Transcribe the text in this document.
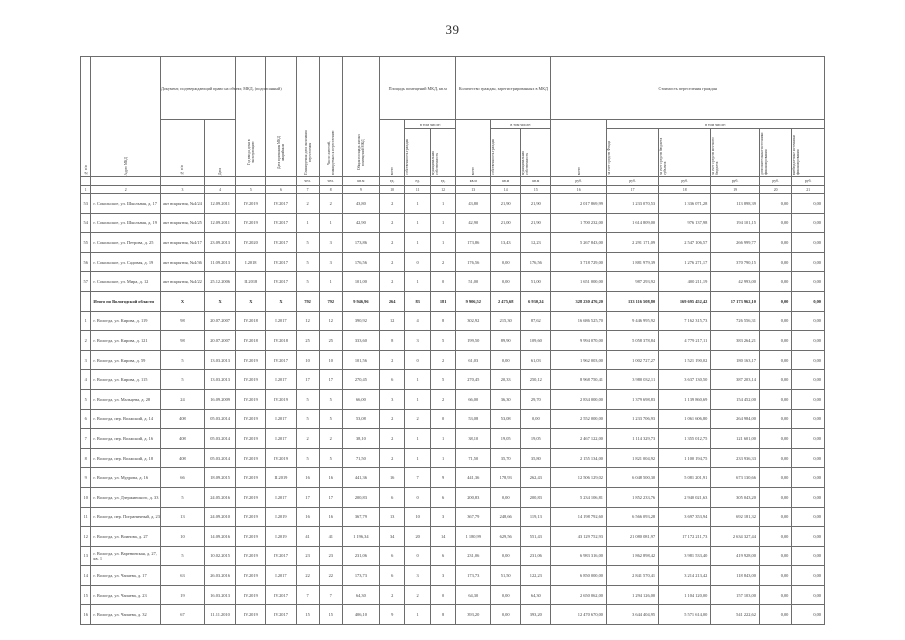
39
№ п/п	Адрес МКД	Документ, подтверждающий право на объект, МКД, (подписанный)		Год ввода дома в эксплуатацию	Дата признания МКД аварийным	Планируемая дата окончания переселения	Число жителей, планируемых к переселению	Общая площадь жилых помещений МКД	Площадь помещений МКД, кв.м			Количество граждан, зарегистрированных в МКД			Стоимость переселения граждан					
		№ п/п	Дата						всего	в том числе:		всего	в том числе:		всего	в том числе:				
										собственность граждан	муниципальная собственность		собственность граждан	муниципальная собственность		за счет средств Фонда	за счет средств бюджета субъекта	за счет средств местного бюджета	дополнительные источники финансирования	внебюджетные источники финансирования
						чел.	чел.	кв.м	ед.	ед.	ед.	кв.м	кв.м	кв.м	руб.	руб.	руб.	руб.	руб.	руб.
1	2	3	4	5	6	7	8	9	10	11	12	13	14	15	16	17	18	19	20	21
53	г. Сокольское, ул. Школьная, д. 17	акт вскрытия, №4/24	12.09.2011	IV.2019	IV.2017	2	2	43,80	2	1	1	43,80	21,90	21,90	2 017 869,99	1 233 070,53	1 336 071,28	113 898,39	0,00	0,00
54	г. Сокольское, ул. Школьная, д. 19	акт вскрытия, №4/25	12.09.2011	IV.2019	IV.2017	1	1	42,90	2	1	1	42,90	21,00	21,90	1 700 232,00	1 614 809,00	976 137,98	194 101,15	0,00	0,00
55	г. Сокольское, ул. Петрова, д. 25	акт вскрытия, №4/17	23.09.2013	IV.2020	IV.2017	5	3	173,86	2	1	1	173,86	13,43	12,23	5 267 843,00	2 291 171,09	2 547 106,57	266 999,77	0,00	0,00
56	г. Сокольское, ул. Садовая, д. 19	акт вскрытия, №4/36	11.09.2013	I.2018	IV.2017	5	3	176,56	2	0	2	176,56	0,00	176,56	3 718 729,00	1 881 979,39	1 276 271,17	370 790,15	0,00	0,00
57	г. Сокольское, ул. Мира, д. 12	акт вскрытия, №4/22	25.12.2006	II.2018	IV.2017	5	1	101,00	2	1	0	51,00	0,00	51,00	1 651 000,00	987 293,92	400 211,19	42 993,00	0,00	0,00
	Итого по Вологодской области	X	X	X	X	792	792	9 946,96	264	83	181	9 906,52	2 475,68	6 930,24	328 230 476,20	133 116 508,80	169 695 452,42	17 173 962,10	0,00	0,00
1	г. Вологда, ул. Кирова, д. 119	98	20.07.2007	IV.2018	I.2017	12	12	390,92	12	4	8	302,92	215,30	87,62	16 686 525,70	9 446 995,92	7 162 315,73	726 556,31	0,00	0,00
2	г. Вологда, ул. Кирова, д. 121	98	20.07.2007	IV.2018	IV.2018	25	25	333,60	8	3	5	199,50	89,90	109,60	9 994 070,00	5 058 378,84	4 779 217,11	383 264,21	0,00	0,00
3	г. Вологда, ул. Кирова, д. 59	5	13.03.2013	IV.2019	IV.2017	10	10	101,56	2	0	2	61,03	0,00	61,03	1 962 003,00	1 002 727,27	1 521 190,02	180 163,17	0,00	0,00
4	г. Вологда, ул. Кирова, д. 115	5	13.03.2013	IV.2019	I.2017	17	17	270,45	6	1	5	270,45	20,33	250,12	8 968 750,41	3 980 032,11	3 637 130,50	387 203,14	0,00	0,00
5	г. Вологда, ул. Мальцева, д. 28	24	16.09.2009	IV.2019	IV.2019	5	5	66,00	3	1	2	66,00	36,30	29,70	2 834 000,00	1 379 698,83	1 139 860,69	154 452,00	0,00	0,00
6	г. Вологда, пер. Волжский, д. 14	408	05.03.2014	IV.2019	I.2017	5	5	53,08	2	2	0	53,08	53,08	0,00	2 552 000,00	1 233 706,93	1 061 606,80	264 984,00	0,00	0,00
7	г. Вологда, пер. Волжский, д. 16	408	05.03.2014	IV.2019	I.2017	2	2	38,10	2	1	1	38,10	19,05	19,05	2 467 122,00	1 114 329,73	1 355 012,75	121 601,00	0,00	0,00
8	г. Вологда, пер. Волжский, д. 18	408	05.03.2014	IV.2019	IV.2019	5	5	71,50	2	1	1	71,50	35,70	35,80	2 155 134,00	1 821 004,92	1 100 194,75	233 936,33	0,00	0,00
9	г. Вологда, ул. Мудрова, д. 16	66	18.09.2015	IV.2019	II.2019	16	16	441,36	16	7	9	441,36	178,93	262,43	12 506 129,02	6 048 500,30	5 081 201,91	673 130,66	0,00	0,00
10	г. Вологда, ул. Дзержинского, д. 33	5	24.05.2016	IV.2019	I.2017	17	17	200,83	6	0	6	200,83	0,00	200,83	5 234 106,81	1 852 233,76	2 940 021,63	305 043,20	0,00	0,00
11	г. Вологда, пер. Пограничный, д. 23	13	24.09.2010	IV.2019	I.2019	16	16	367,79	13	10	3	367,79	248,66	119,13	14 198 792,60	6 566 093,28	3 697 353,94	692 181,32	0,00	0,00
12	г. Вологда, ул. Воинова, д. 27	10	14.09.2016	IV.2019	I.2019	41	41	1 196,34	34	20	14	1 180,99	629,56	551,43	43 129 752,93	21 080 081,97	17 172 211,73	2 634 327,44	0,00	0,00
13	г. Вологда, ул. Варенинская, д. 27, кв. 1	5	10.02.2015	IV.2019	IV.2017	23	23	231,06	6	0	6	231,06	0,00	231,06	6 983 316,00	1 862 898,42	3 981 533,40	419 928,00	0,00	0,00
14	г. Вологда, ул. Чапаева, д. 17	63	26.03.2016	IV.2019	I.2017	22	22	173,73	6	3	3	173,73	51,50	122,23	6 850 000,00	2 841 570,41	3 214 213,42	118 843,00	0,00	0,00
15	г. Вологда, ул. Чапаева, д. 23	19	16.03.2013	IV.2019	IV.2017	7	7	64,30	2	2	0	64,30	0,00	64,30	2 650 062,00	1 294 126,00	1 104 120,00	157 103,00	0,00	0,00
16	г. Вологда, ул. Чапаева, д. 32	67	11.11.2010	IV.2019	IV.2017	15	15	406,10	9	1	8	393,20	0,00	393,20	12 470 670,00	3 644 404,95	5 571 614,00	541 222,62	0,00	0,00
